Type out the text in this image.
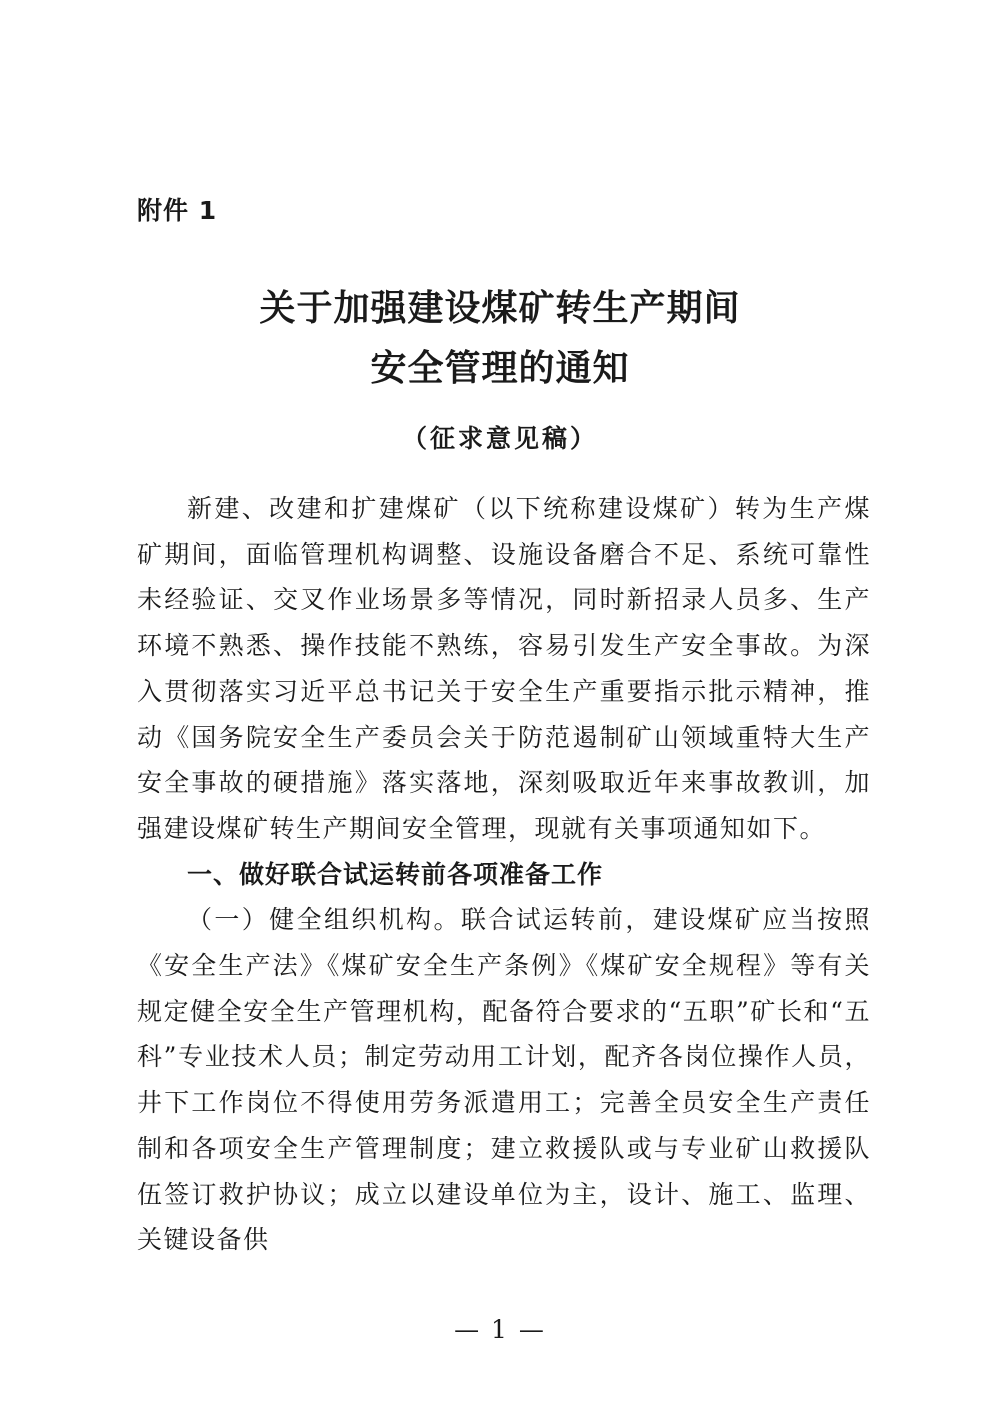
附件 1
关于加强建设煤矿转生产期间
安全管理的通知
（征求意见稿）

新建、改建和扩建煤矿（以下统称建设煤矿）转为生产煤矿期间，面临管理机构调整、设施设备磨合不足、系统可靠性未经验证、交叉作业场景多等情况，同时新招录人员多、生产环境不熟悉、操作技能不熟练，容易引发生产安全事故。为深入贯彻落实习近平总书记关于安全生产重要指示批示精神，推动《国务院安全生产委员会关于防范遏制矿山领域重特大生产安全事故的硬措施》落实落地，深刻吸取近年来事故教训，加强建设煤矿转生产期间安全管理，现就有关事项通知如下。

一、做好联合试运转前各项准备工作

（一）健全组织机构。联合试运转前，建设煤矿应当按照《安全生产法》《煤矿安全生产条例》《煤矿安全规程》等有关规定健全安全生产管理机构，配备符合要求的“五职”矿长和“五科”专业技术人员；制定劳动用工计划，配齐各岗位操作人员，井下工作岗位不得使用劳务派遣用工；完善全员安全生产责任制和各项安全生产管理制度；建立救援队或与专业矿山救援队伍签订救护协议；成立以建设单位为主，设计、施工、监理、关键设备供

— 1 —
